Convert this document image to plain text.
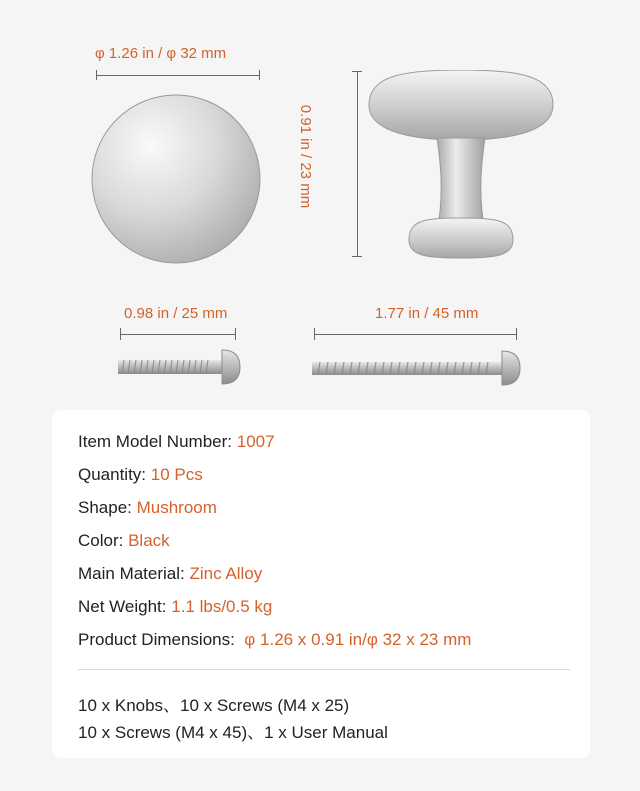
φ 1.26 in / φ 32 mm
0.91 in / 23 mm
0.98 in / 25 mm	1.77 in / 45 mm
Item Model Number: 1007
Quantity: 10 Pcs
Shape: Mushroom
Color: Black
Main Material: Zinc Alloy
Net Weight: 1.1 lbs/0.5 kg
Product Dimensions:  φ 1.26 x 0.91 in/φ 32 x 23 mm
10 x Knobs、10 x Screws (M4 x 25)
10 x Screws (M4 x 45)、1 x User Manual
